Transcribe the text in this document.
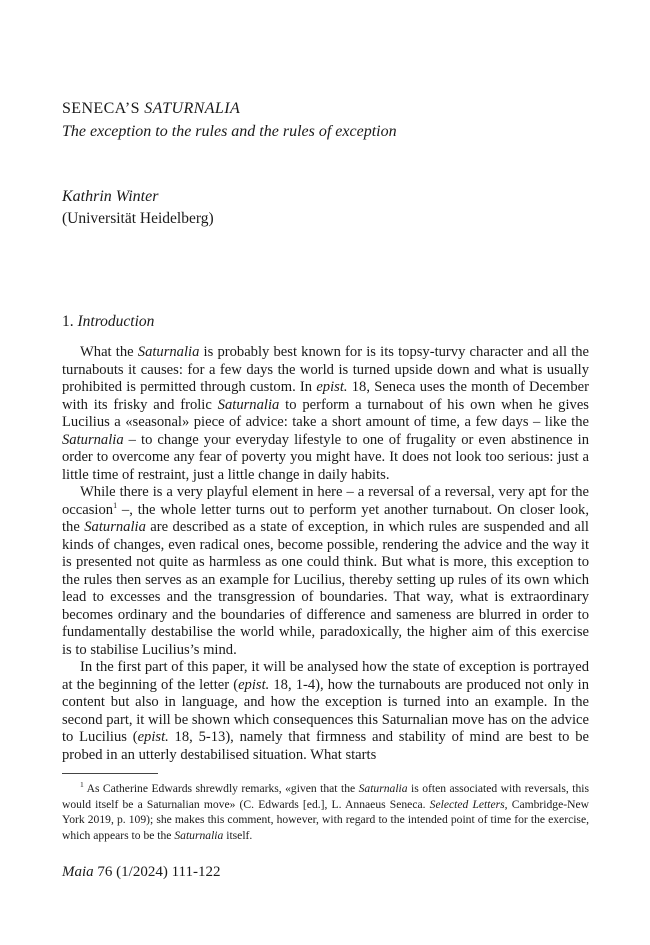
SENECA’S SATURNALIA
The exception to the rules and the rules of exception
Kathrin Winter
(Universität Heidelberg)
1. Introduction

What the Saturnalia is probably best known for is its topsy-turvy character and all the turnabouts it causes: for a few days the world is turned upside down and what is usually prohibited is permitted through custom. In epist. 18, Seneca uses the month of December with its frisky and frolic Saturnalia to perform a turnabout of his own when he gives Lucilius a «seasonal» piece of advice: take a short amount of time, a few days – like the Saturnalia – to change your everyday lifestyle to one of frugality or even abstinence in order to overcome any fear of poverty you might have. It does not look too serious: just a little time of restraint, just a little change in daily habits.

While there is a very playful element in here – a reversal of a reversal, very apt for the occasion$^1$ –, the whole letter turns out to perform yet another turnabout. On closer look, the Saturnalia are described as a state of exception, in which rules are suspended and all kinds of changes, even radical ones, become possible, rendering the advice and the way it is presented not quite as harmless as one could think. But what is more, this exception to the rules then serves as an example for Lucilius, thereby setting up rules of its own which lead to excesses and the transgression of boundaries. That way, what is extraordinary becomes ordinary and the boundaries of difference and sameness are blurred in order to fundamentally destabilise the world while, paradoxically, the higher aim of this exercise is to stabilise Lucilius’s mind.

In the first part of this paper, it will be analysed how the state of exception is portrayed at the beginning of the letter (epist. 18, 1-4), how the turnabouts are produced not only in content but also in language, and how the exception is turned into an example. In the second part, it will be shown which consequences this Saturnalian move has on the advice to Lucilius (epist. 18, 5-13), namely that firmness and stability of mind are best to be probed in an utterly destabilised situation. What starts

$^1$ As Catherine Edwards shrewdly remarks, «given that the Saturnalia is often associated with reversals, this would itself be a Saturnalian move» (C. Edwards [ed.], L. Annaeus Seneca. Selected Letters, Cambridge-New York 2019, p. 109); she makes this comment, however, with regard to the intended point of time for the exercise, which appears to be the Saturnalia itself.
Maia 76 (1/2024) 111-122
